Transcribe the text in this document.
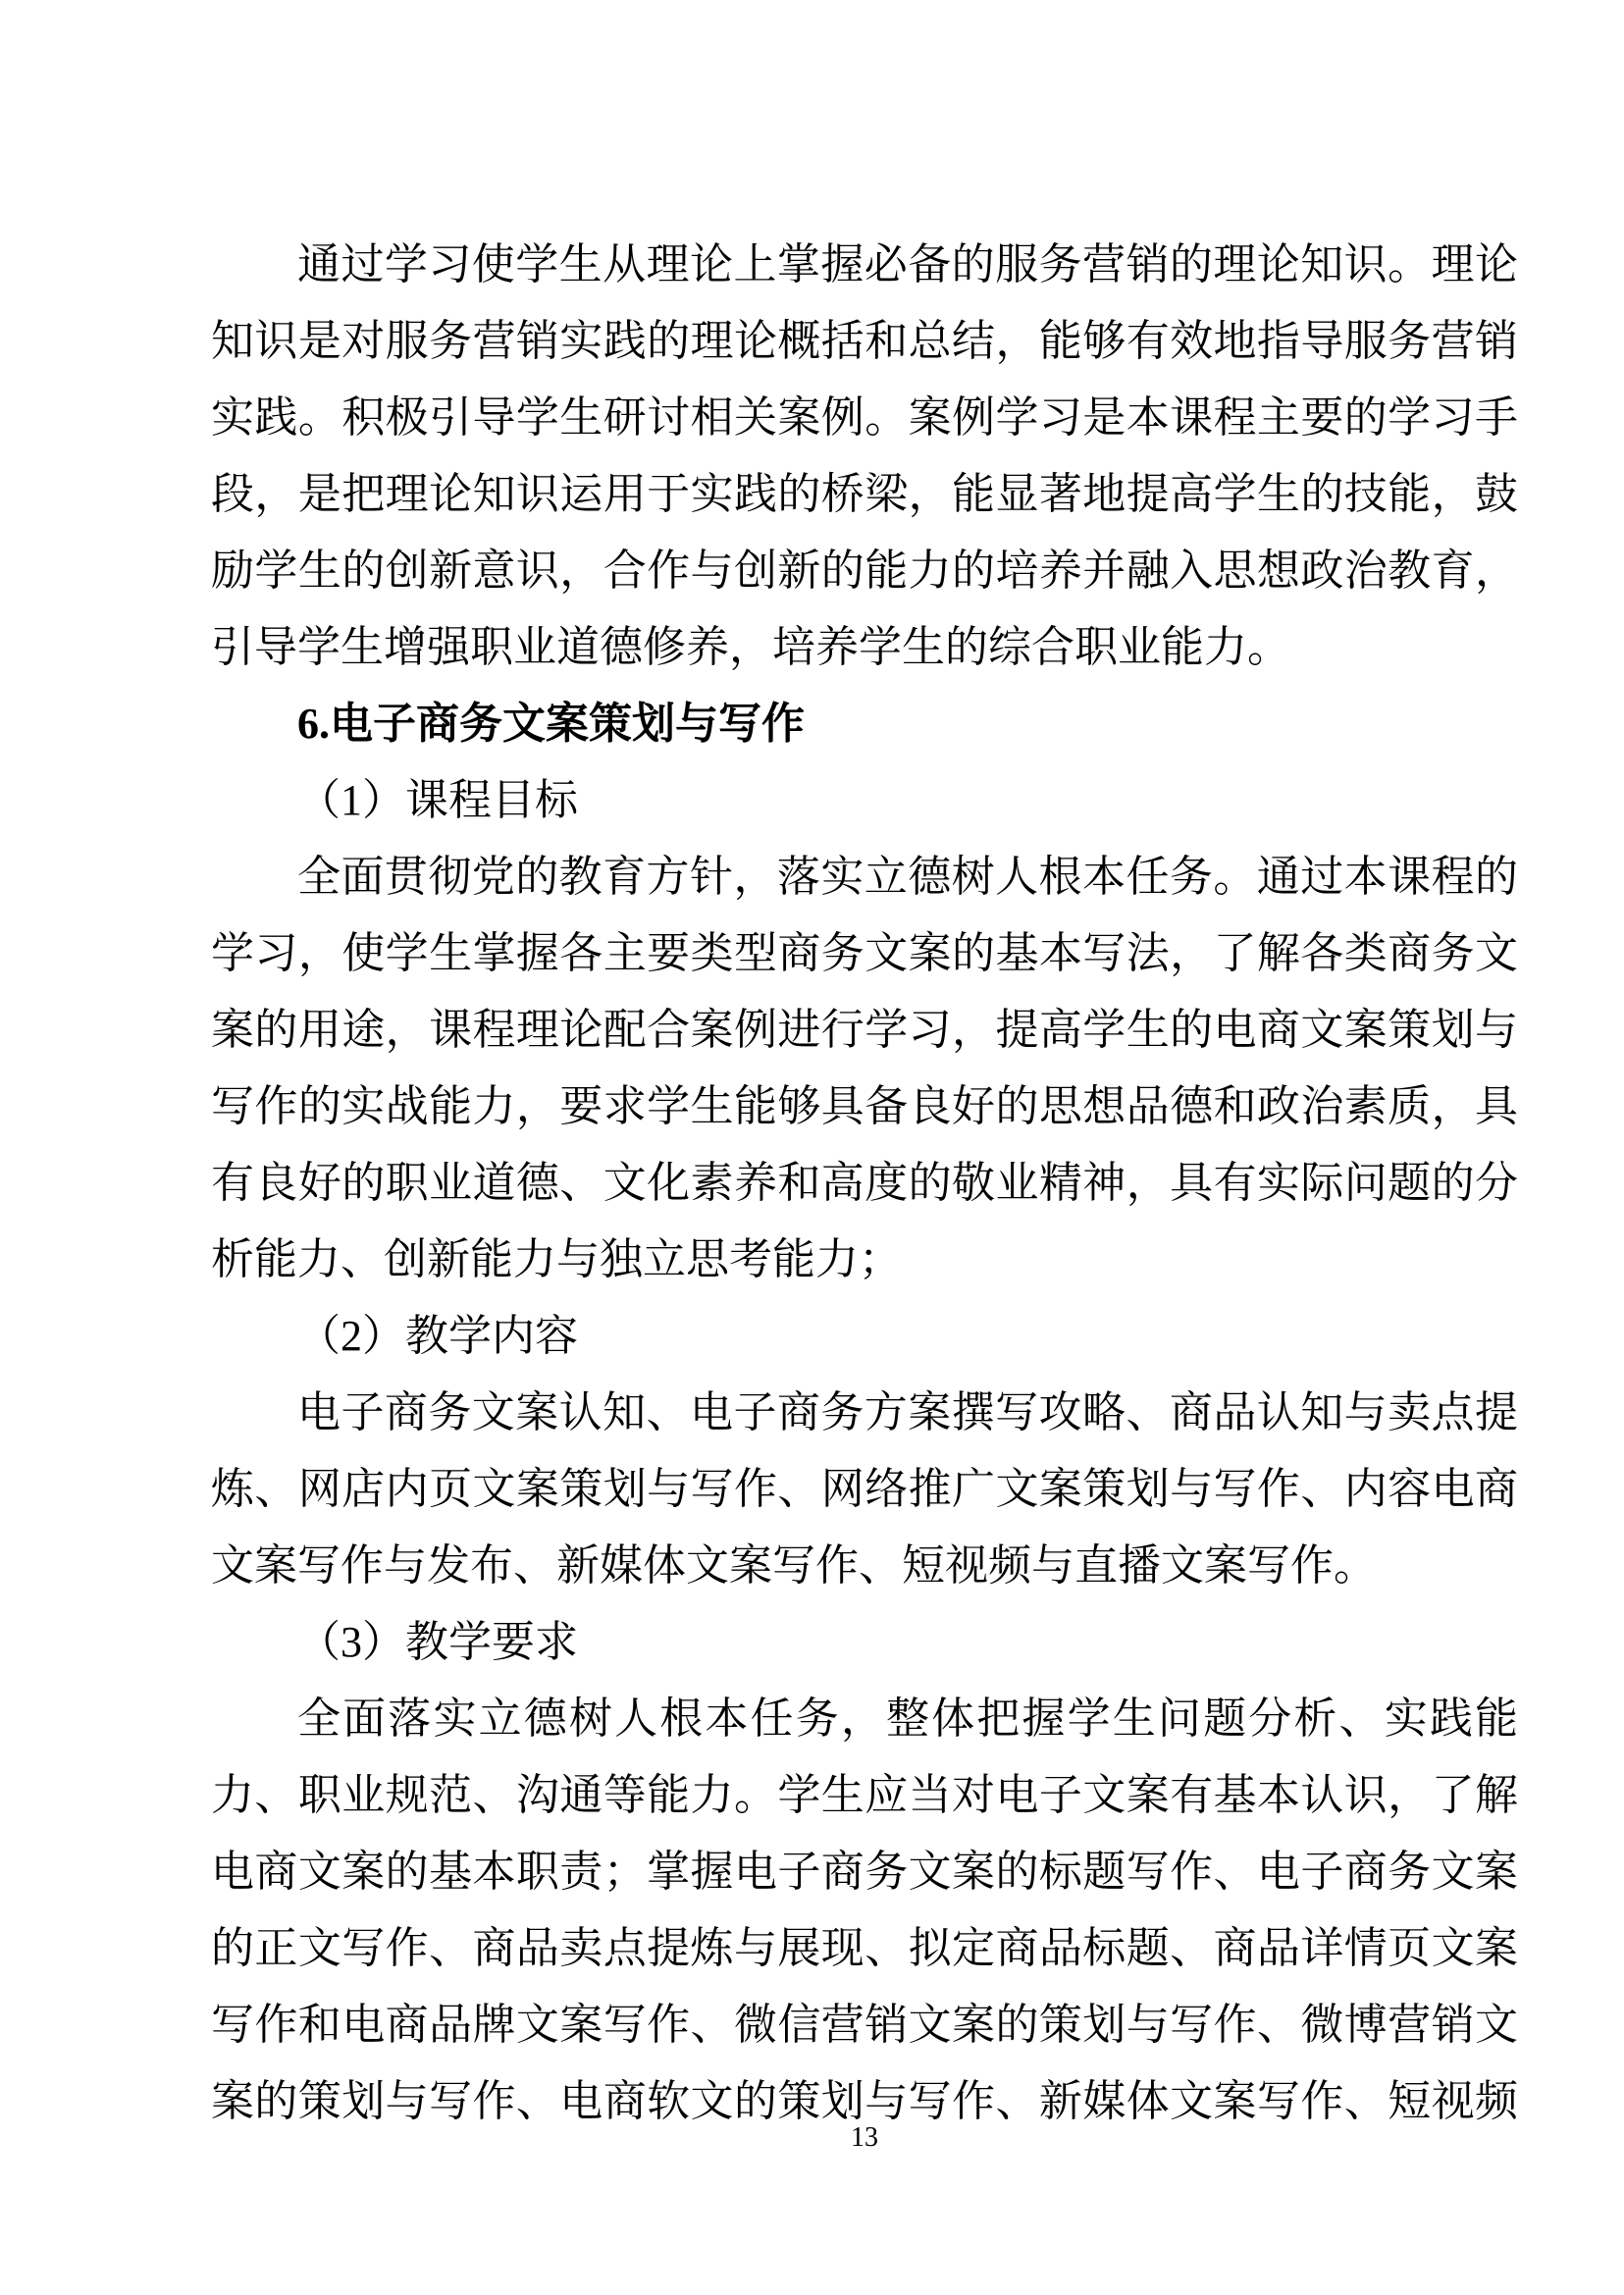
通过学习使学生从理论上掌握必备的服务营销的理论知识。理论
知识是对服务营销实践的理论概括和总结，能够有效地指导服务营销
实践。积极引导学生研讨相关案例。案例学习是本课程主要的学习手
段，是把理论知识运用于实践的桥梁，能显著地提高学生的技能，鼓
励学生的创新意识，合作与创新的能力的培养并融入思想政治教育，
引导学生增强职业道德修养，培养学生的综合职业能力。
6.电子商务文案策划与写作
（1）课程目标
全面贯彻党的教育方针，落实立德树人根本任务。通过本课程的
学习，使学生掌握各主要类型商务文案的基本写法，了解各类商务文
案的用途，课程理论配合案例进行学习，提高学生的电商文案策划与
写作的实战能力，要求学生能够具备良好的思想品德和政治素质，具
有良好的职业道德、文化素养和高度的敬业精神，具有实际问题的分
析能力、创新能力与独立思考能力；
（2）教学内容
电子商务文案认知、电子商务方案撰写攻略、商品认知与卖点提
炼、网店内页文案策划与写作、网络推广文案策划与写作、内容电商
文案写作与发布、新媒体文案写作、短视频与直播文案写作。
（3）教学要求
全面落实立德树人根本任务，整体把握学生问题分析、实践能
力、职业规范、沟通等能力。学生应当对电子文案有基本认识，了解
电商文案的基本职责；掌握电子商务文案的标题写作、电子商务文案
的正文写作、商品卖点提炼与展现、拟定商品标题、商品详情页文案
写作和电商品牌文案写作、微信营销文案的策划与写作、微博营销文
案的策划与写作、电商软文的策划与写作、新媒体文案写作、短视频
13
